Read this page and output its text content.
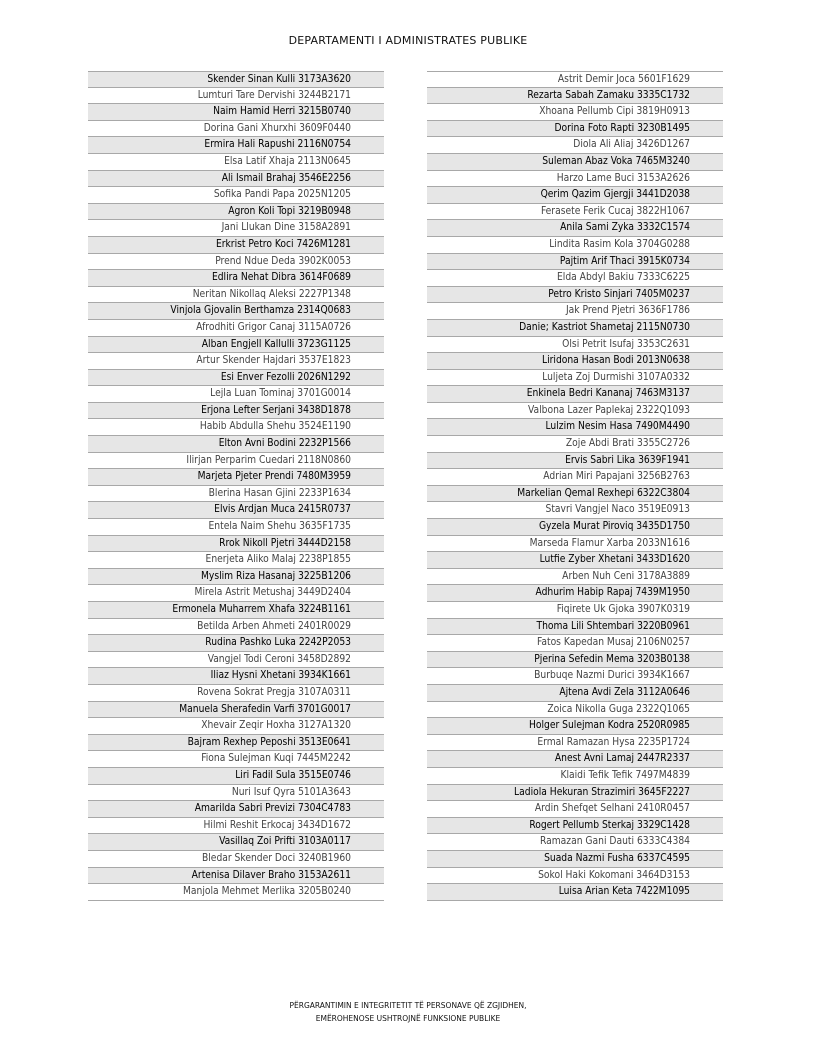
DEPARTAMENTI I ADMINISTRATES PUBLIKE
Skender Sinan Kulli 3173A3620
Lumturi Tare Dervishi 3244B2171
Naim Hamid Herri 3215B0740
Dorina Gani Xhurxhi 3609F0440
Ermira Hali Rapushi 2116N0754
Elsa Latif Xhaja 2113N0645
Ali Ismail Brahaj 3546E2256
Sofika Pandi Papa 2025N1205
Agron Koli Topi 3219B0948
Jani Llukan Dine 3158A2891
Erkrist Petro Koci 7426M1281
Prend Ndue Deda 3902K0053
Edlira Nehat Dibra 3614F0689
Neritan Nikollaq Aleksi 2227P1348
Vinjola Gjovalin Berthamza 2314Q0683
Afrodhiti Grigor Canaj 3115A0726
Alban Engjell Kallulli 3723G1125
Artur Skender Hajdari 3537E1823
Esi Enver Fezolli 2026N1292
Lejla Luan Tominaj 3701G0014
Erjona Lefter Serjani 3438D1878
Habib Abdulla Shehu 3524E1190
Elton Avni Bodini 2232P1566
Ilirjan Perparim Cuedari 2118N0860
Marjeta Pjeter Prendi 7480M3959
Blerina Hasan Gjini 2233P1634
Elvis Ardjan Muca 2415R0737
Entela Naim Shehu 3635F1735
Rrok Nikoll Pjetri 3444D2158
Enerjeta Aliko Malaj 2238P1855
Myslim Riza Hasanaj 3225B1206
Mirela Astrit Metushaj 3449D2404
Ermonela Muharrem Xhafa 3224B1161
Betilda Arben Ahmeti 2401R0029
Rudina Pashko Luka 2242P2053
Vangjel Todi Ceroni 3458D2892
Iliaz Hysni Xhetani 3934K1661
Rovena Sokrat Pregja 3107A0311
Manuela Sherafedin Varfi 3701G0017
Xhevair Zeqir Hoxha 3127A1320
Bajram Rexhep Peposhi 3513E0641
Fiona Sulejman Kuqi 7445M2242
Liri Fadil Sula 3515E0746
Nuri Isuf Qyra 5101A3643
Amarilda Sabri Previzi 7304C4783
Hilmi Reshit Erkocaj 3434D1672
Vasillaq Zoi Prifti 3103A0117
Bledar Skender Doci 3240B1960
Artenisa Dilaver Braho 3153A2611
Manjola Mehmet Merlika 3205B0240
Astrit Demir Joca 5601F1629
Rezarta Sabah Zamaku 3335C1732
Xhoana Pellumb Cipi 3819H0913
Dorina Foto Rapti 3230B1495
Diola Ali Aliaj 3426D1267
Suleman Abaz Voka 7465M3240
Harzo Lame Buci 3153A2626
Qerim Qazim Gjergji 3441D2038
Ferasete Ferik Cucaj 3822H1067
Anila Sami Zyka 3332C1574
Lindita Rasim Kola 3704G0288
Pajtim Arif Thaci 3915K0734
Elda Abdyl Bakiu 7333C6225
Petro Kristo Sinjari 7405M0237
Jak Prend Pjetri 3636F1786
Danie; Kastriot Shametaj 2115N0730
Olsi Petrit Isufaj 3353C2631
Liridona Hasan Bodi 2013N0638
Luljeta Zoj Durmishi 3107A0332
Enkinela Bedri Kananaj 7463M3137
Valbona Lazer Paplekaj 2322Q1093
Lulzim Nesim Hasa 7490M4490
Zoje Abdi Brati 3355C2726
Ervis Sabri Lika 3639F1941
Adrian Miri Papajani 3256B2763
Markelian Qemal Rexhepi 6322C3804
Stavri Vangjel Naco 3519E0913
Gyzela Murat Piroviq 3435D1750
Marseda Flamur Xarba 2033N1616
Lutfie Zyber Xhetani 3433D1620
Arben Nuh Ceni 3178A3889
Adhurim Habip Rapaj 7439M1950
Fiqirete Uk Gjoka 3907K0319
Thoma Lili Shtembari 3220B0961
Fatos Kapedan Musaj 2106N0257
Pjerina Sefedin Mema 3203B0138
Burbuqe Nazmi Durici 3934K1667
Ajtena Avdi Zela 3112A0646
Zoica Nikolla Guga 2322Q1065
Holger Sulejman Kodra 2520R0985
Ermal Ramazan Hysa 2235P1724
Anest Avni Lamaj 2447R2337
Klaidi Tefik Tefik 7497M4839
Ladiola Hekuran Strazimiri 3645F2227
Ardin Shefqet Selhani 2410R0457
Rogert Pellumb Sterkaj 3329C1428
Ramazan Gani Dauti 6333C4384
Suada Nazmi Fusha 6337C4595
Sokol Haki Kokomani 3464D3153
Luisa Arian Keta 7422M1095
PËRGARANTIMIN E INTEGRITETIT TË PERSONAVE QË ZGJIDHEN,
EMËROHENOSE USHTROJNË FUNKSIONE PUBLIKE
